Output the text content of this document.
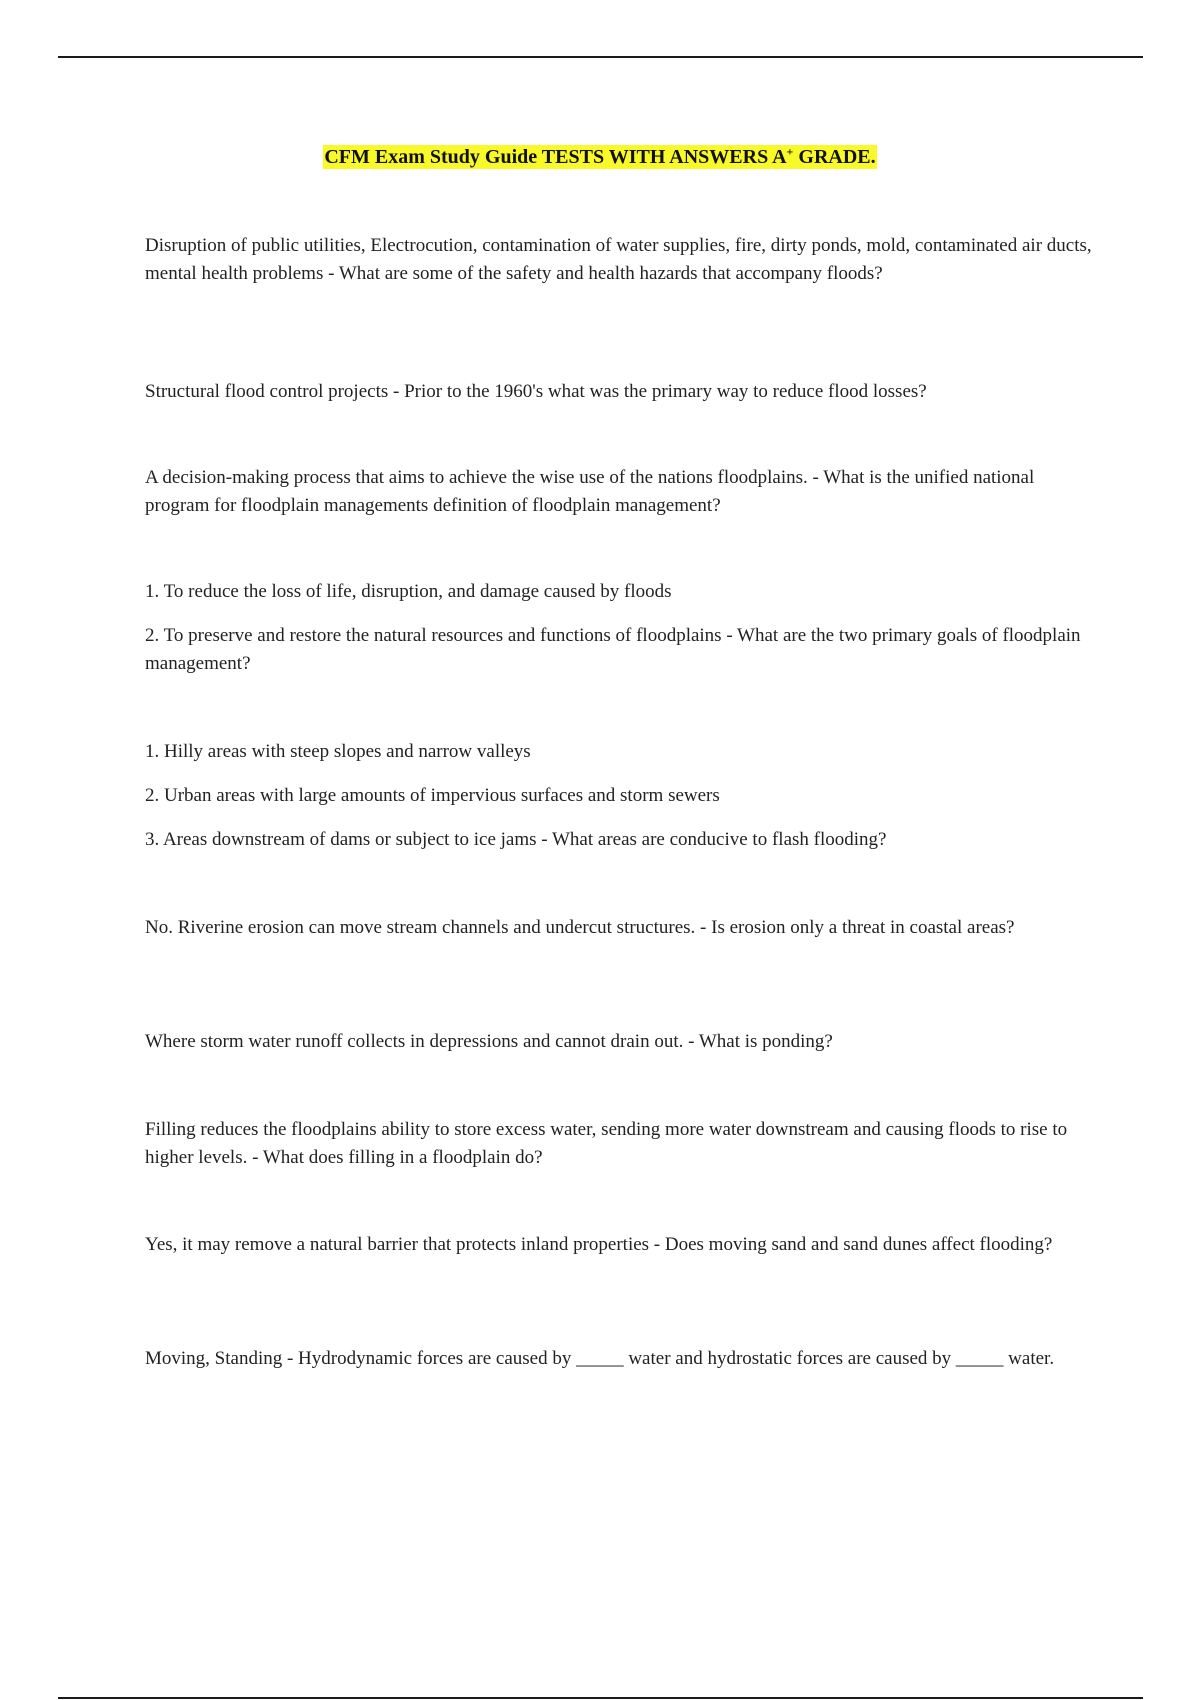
CFM Exam Study Guide TESTS WITH ANSWERS A+ GRADE.

Disruption of public utilities, Electrocution, contamination of water supplies, fire, dirty ponds, mold, contaminated air ducts, mental health problems - What are some of the safety and health hazards that accompany floods?

Structural flood control projects - Prior to the 1960's what was the primary way to reduce flood losses?

A decision-making process that aims to achieve the wise use of the nations floodplains. - What is the unified national program for floodplain managements definition of floodplain management?

1. To reduce the loss of life, disruption, and damage caused by floods

2. To preserve and restore the natural resources and functions of floodplains - What are the two primary goals of floodplain management?

1. Hilly areas with steep slopes and narrow valleys

2. Urban areas with large amounts of impervious surfaces and storm sewers

3. Areas downstream of dams or subject to ice jams - What areas are conducive to flash flooding?

No. Riverine erosion can move stream channels and undercut structures. - Is erosion only a threat in coastal areas?

Where storm water runoff collects in depressions and cannot drain out. - What is ponding?

Filling reduces the floodplains ability to store excess water, sending more water downstream and causing floods to rise to higher levels. - What does filling in a floodplain do?

Yes, it may remove a natural barrier that protects inland properties - Does moving sand and sand dunes affect flooding?

Moving, Standing - Hydrodynamic forces are caused by _____ water and hydrostatic forces are caused by _____ water.
